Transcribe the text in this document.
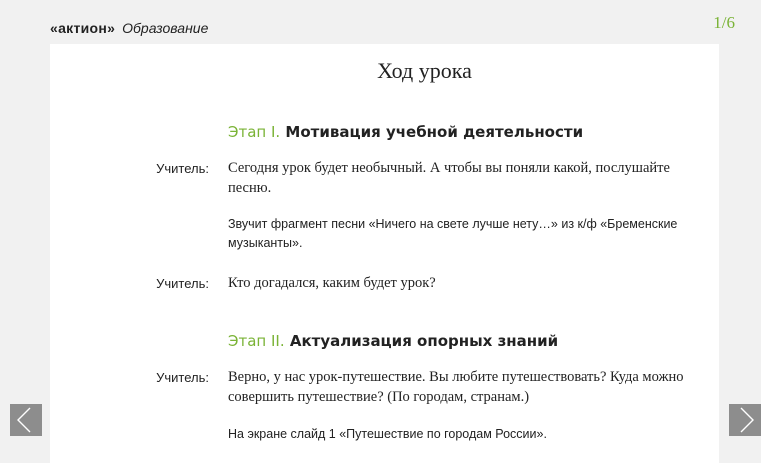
«актион» Образование	1/6
Ход урока
Этап I. Мотивация учебной деятельности
Учитель: Сегодня урок будет необычный. А чтобы вы поняли какой, послушайте песню.
Звучит фрагмент песни «Ничего на свете лучше нету…» из к/ф «Бременские музыканты».
Учитель: Кто догадался, каким будет урок?
Этап II. Актуализация опорных знаний
Учитель: Верно, у нас урок-путешествие. Вы любите путешествовать? Куда можно совершить путешествие? (По городам, странам.)
На экране слайд 1 «Путешествие по городам России».
